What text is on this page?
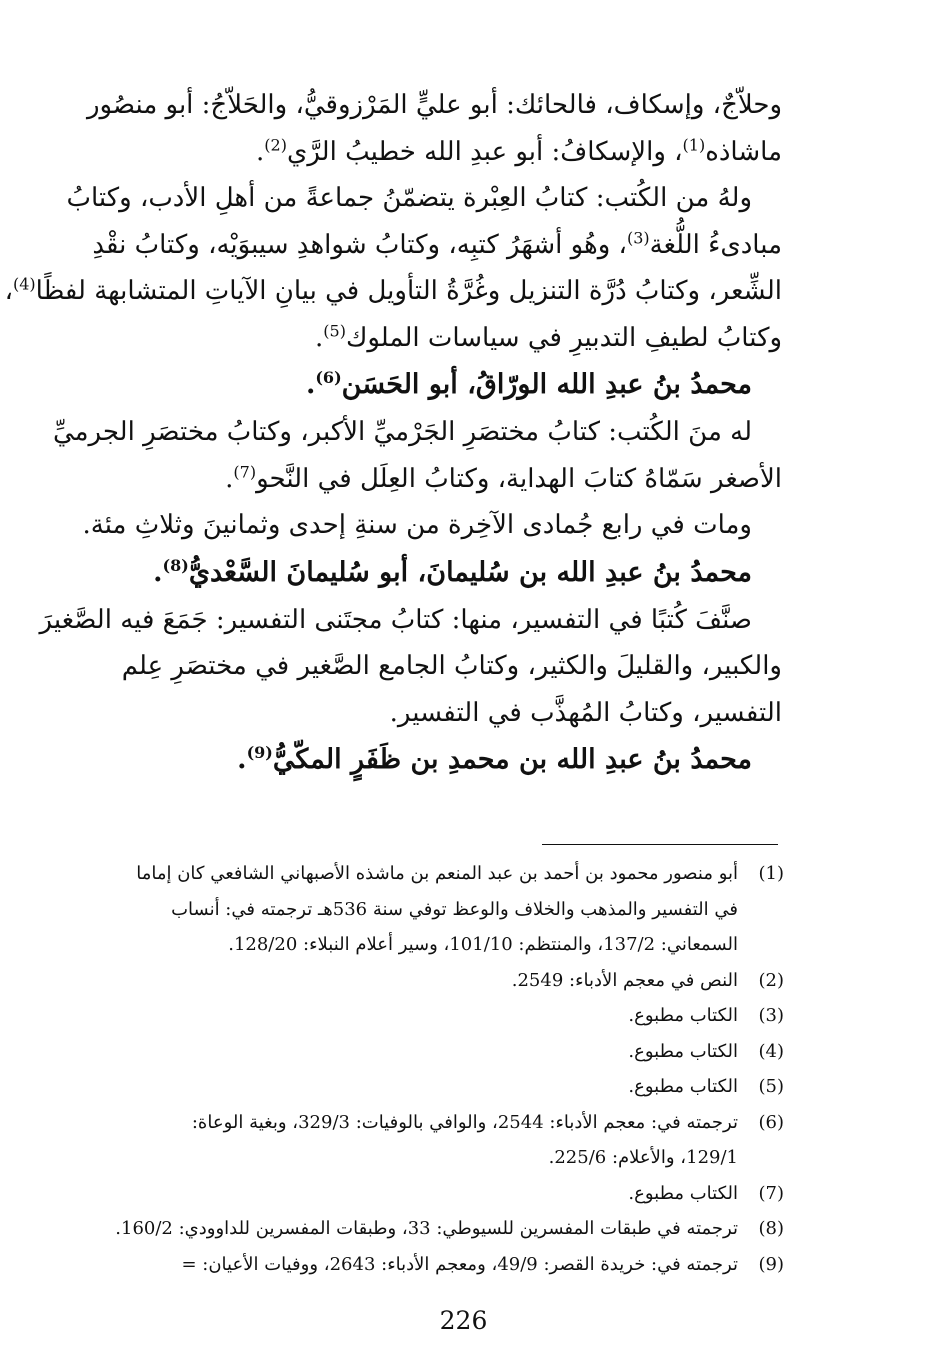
وحلاّجٌ، وإسكاف، فالحائك: أبو عليٍّ المَرْزوقيُّ، والحَلاّجُ: أبو منصُور
ماشاذه$^{(1)}$، والإسكافُ: أبو عبدِ الله خطيبُ الرَّي$^{(2)}$.
ولهُ من الكُتب: كتابُ العِبْرة يتضمّنُ جماعةً من أهلِ الأدب، وكتابُ
مبادىءُ اللُّغة$^{(3)}$، وهُو أشهَرُ كتبِه، وكتابُ شواهدِ سيبوَيْه، وكتابُ نقْدِ
الشِّعر، وكتابُ دُرَّة التنزيل وغُرَّةُ التأويل في بيانِ الآياتِ المتشابهة لفظًا$^{(4)}$،
وكتابُ لطيفِ التدبيرِ في سياسات الملوك$^{(5)}$.
محمدُ بنُ عبدِ الله الورّاقُ، أبو الحَسَن$^{(6)}$.
له منَ الكُتب: كتابُ مختصَرِ الجَرْميِّ الأكبر، وكتابُ مختصَرِ الجرميِّ
الأصغر سَمّاهُ كتابَ الهداية، وكتابُ العِلَل في النَّحو$^{(7)}$.
ومات في رابع جُمادى الآخِرة من سنةِ إحدى وثمانينَ وثلاثِ مئة.
محمدُ بنُ عبدِ الله بن سُليمانَ، أبو سُليمانَ السَّعْديُّ$^{(8)}$.
صنَّفَ كُتبًا في التفسير، منها: كتابُ مجتَنى التفسير: جَمَعَ فيه الصَّغيرَ
والكبير، والقليلَ والكثير، وكتابُ الجامع الصَّغير في مختصَرِ عِلم
التفسير، وكتابُ المُهذَّب في التفسير.
محمدُ بنُ عبدِ الله بن محمدِ بن ظَفَرٍ المكّيُّ$^{(9)}$.
(1)
أبو منصور محمود بن أحمد بن عبد المنعم بن ماشذه الأصبهاني الشافعي كان إماما
في التفسير والمذهب والخلاف والوعظ توفي سنة 536هـ ترجمته في: أنساب
السمعاني: 137/2، والمنتظم: 101/10، وسير أعلام النبلاء: 128/20.
(2)
النص في معجم الأدباء: 2549.
(3)
الكتاب مطبوع.
(4)
الكتاب مطبوع.
(5)
الكتاب مطبوع.
(6)
ترجمته في: معجم الأدباء: 2544، والوافي بالوفيات: 329/3، وبغية الوعاة:
129/1، والأعلام: 225/6.
(7)
الكتاب مطبوع.
(8)
ترجمته في طبقات المفسرين للسيوطي: 33، وطبقات المفسرين للداوودي: 160/2.
(9)
ترجمته في: خريدة القصر: 49/9، ومعجم الأدباء: 2643، ووفيات الأعيان: =
226
